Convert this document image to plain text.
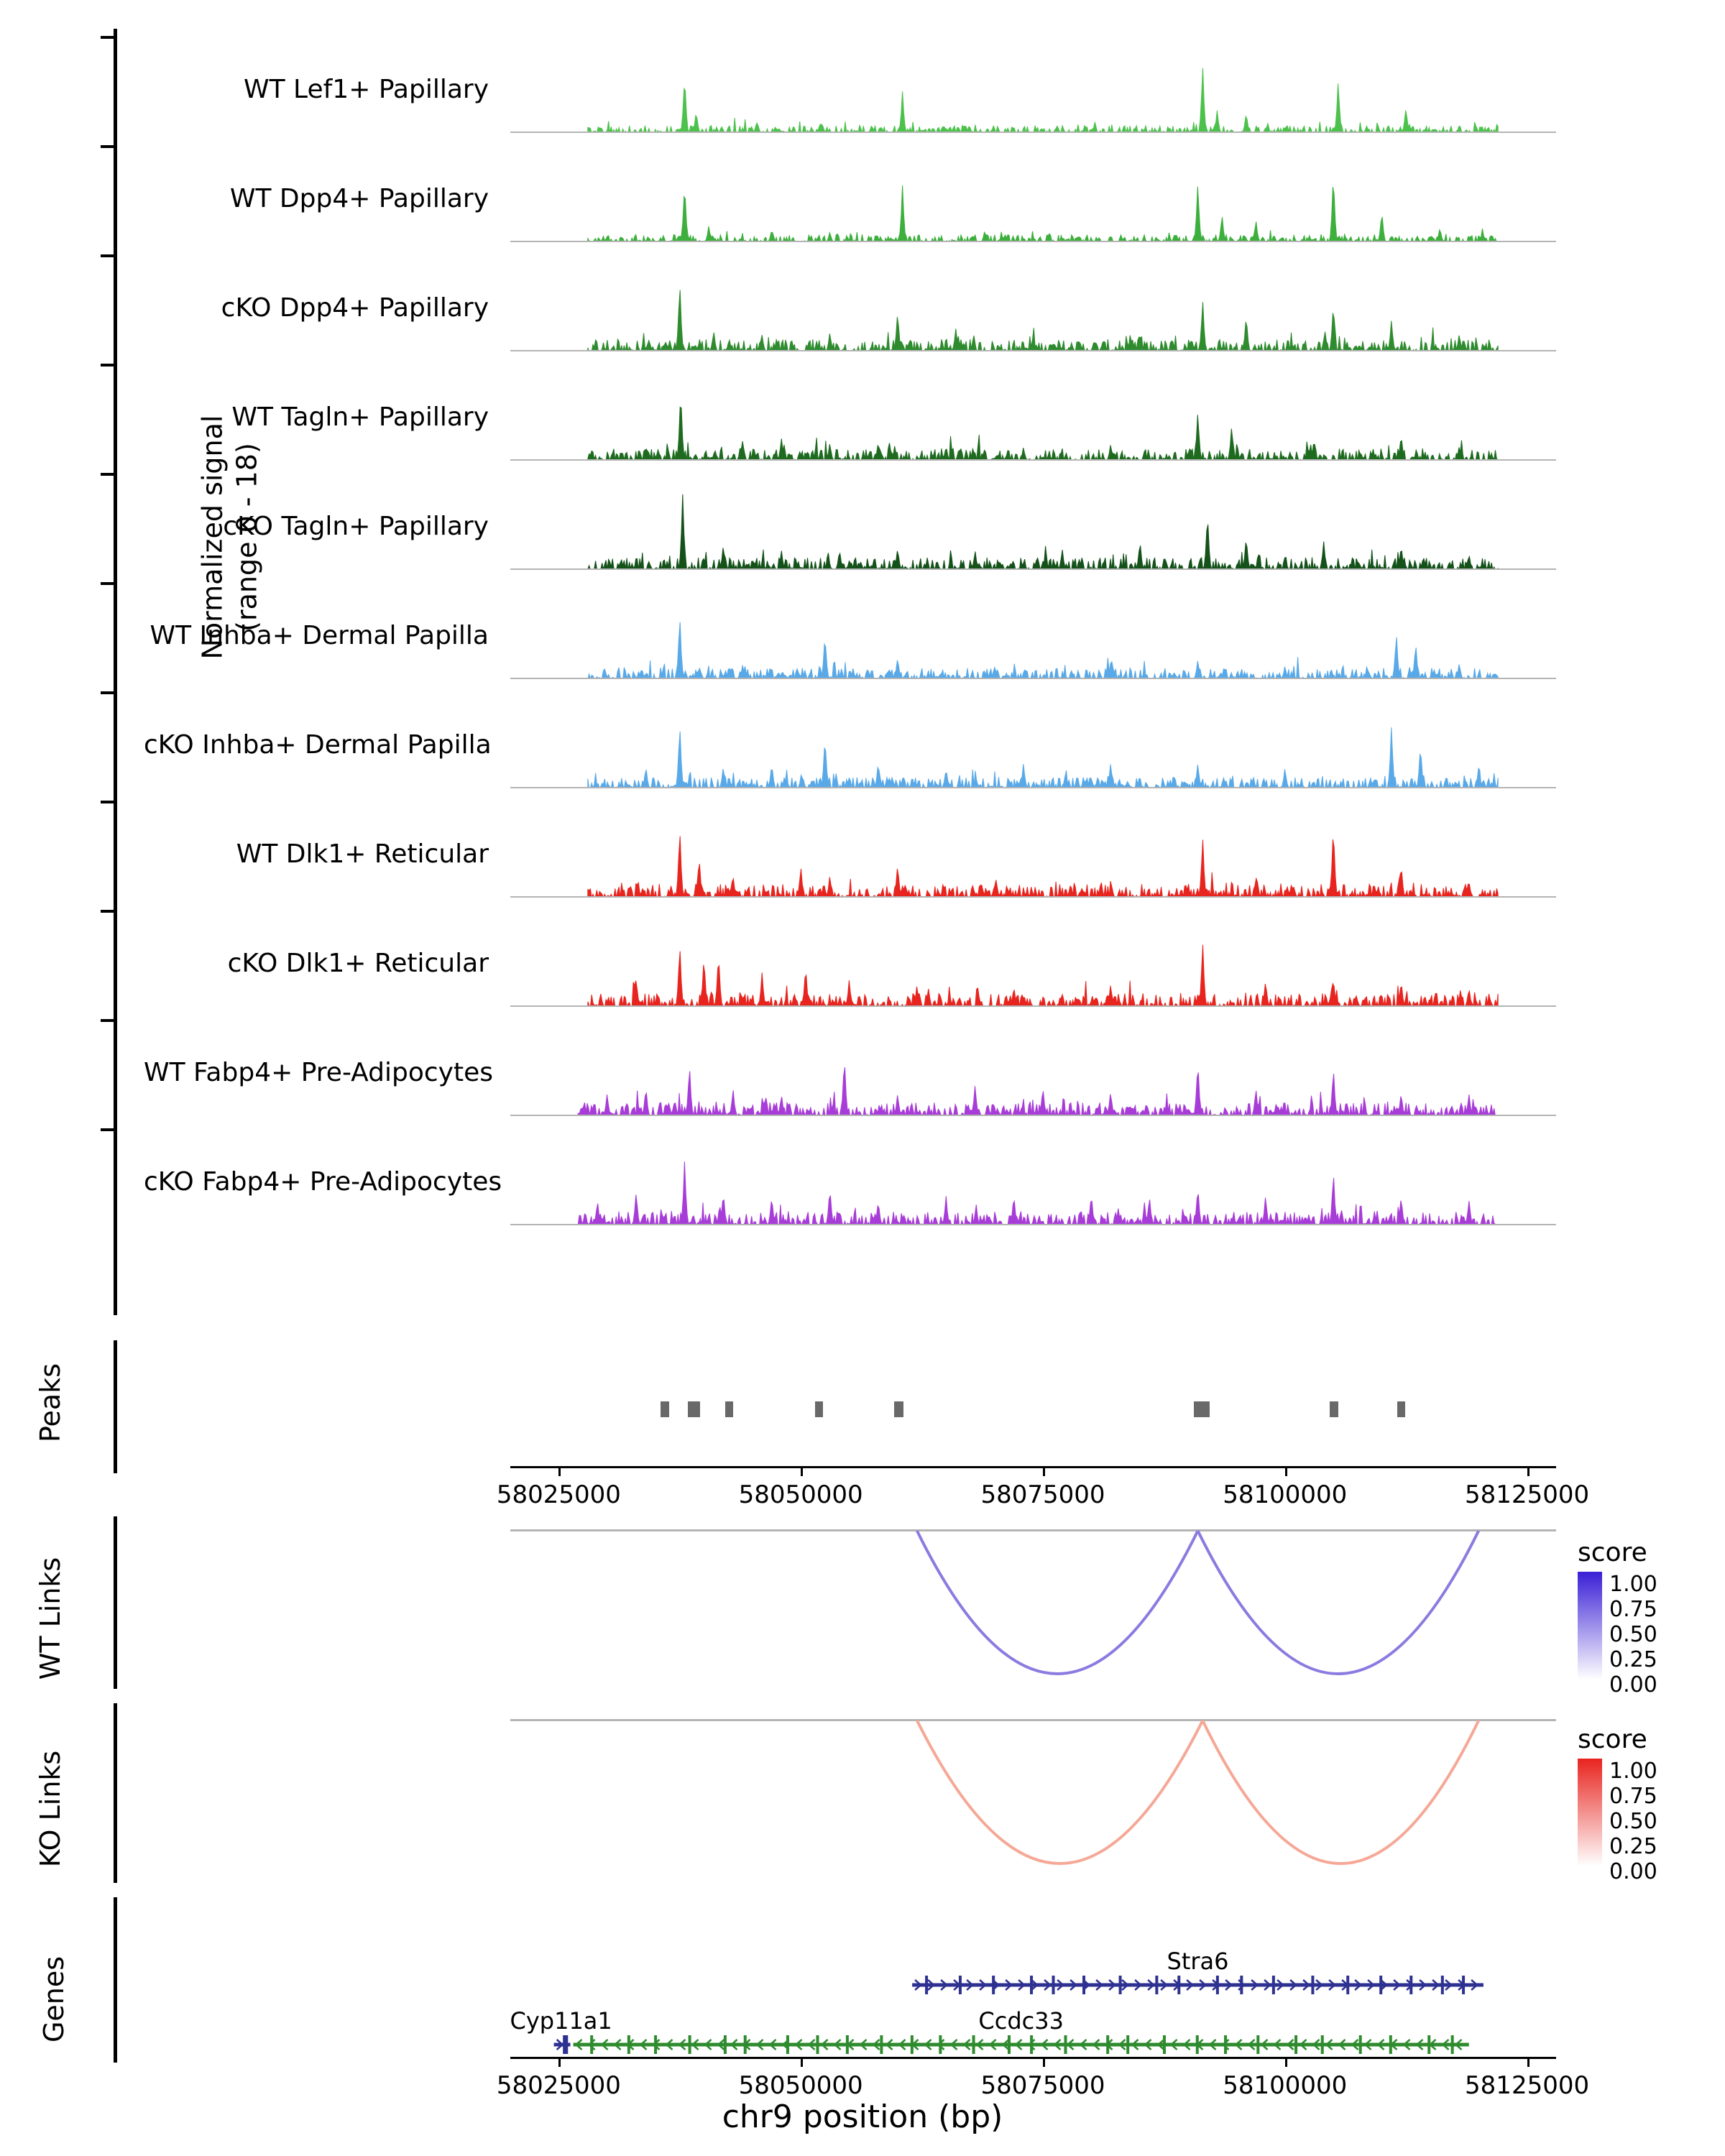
Normalized signal
(range 0 - 18)
WT Lef1+ Papillary
WT Dpp4+ Papillary
cKO Dpp4+ Papillary
WT Tagln+ Papillary
cKO Tagln+ Papillary
WT Inhba+ Dermal Papilla
cKO Inhba+ Dermal Papilla
WT Dlk1+ Reticular
cKO Dlk1+ Reticular
WT Fabp4+ Pre-Adipocytes
cKO Fabp4+ Pre-Adipocytes
Peaks
58025000	58050000	58075000	58100000	58125000
WT Links
KO Links
score
1.00
0.75
0.50
0.25
0.00
score
1.00
0.75
0.50
0.25
0.00
Genes	Stra6
Cyp11a1	Ccdc33
58025000	58050000	58075000	58100000	58125000
chr9 position (bp)
